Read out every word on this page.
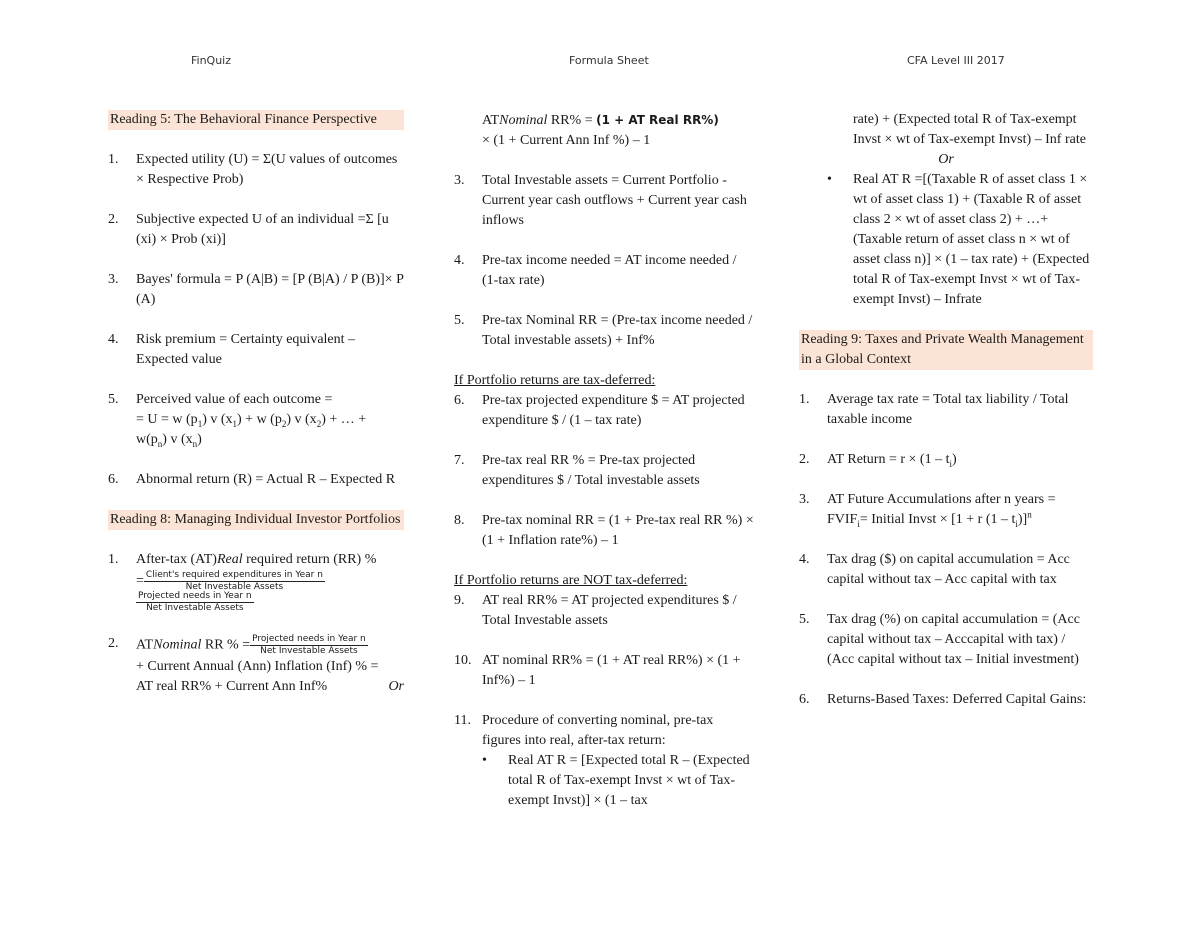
FinQuiz	Formula Sheet	CFA Level III 2017
Reading 5: The Behavioral Finance Perspective
1.	Expected utility (U) = Σ(U values of outcomes × Respective Prob)
2.	Subjective expected U of an individual =Σ [u (xi) × Prob (xi)]
3.	Bayes' formula = P (A|B) = [P (B|A) / P (B)]× P (A)
4.	Risk premium = Certainty equivalent – Expected value
5.	Perceived value of each outcome =
= U = w $(p_1)$ v $(x_1) + w$ $(p_2)$ v $(x_2)$ + … +
$w(p_n)$ v $(x_n)$
6.	Abnormal return (R) = Actual R – Expected R
Reading 8: Managing Individual Investor Portfolios
1.	After-tax (AT)Real required return (RR) %
= $\frac{\text{Client's required expenditures in Year n}}{\text{Net Investable Assets}}$

$\frac{\text{Projected needs in Year n}}{\text{Net Investable Assets}}$
2.	ATNominal RR % = $\frac{\text{Projected needs in Year n}}{\text{Net Investable Assets}}$

+ Current Annual (Ann) Inflation (Inf) % =
AT real RR% + Current Ann Inf%	Or
ATNominal RR% = (1 + AT Real RR%)
× (1 + Current Ann Inf %) – 1
3.	Total Investable assets = Current Portfolio -Current year cash outflows + Current year cash inflows
4.	Pre-tax income needed = AT income needed / (1-tax rate)
5.	Pre-tax Nominal RR = (Pre-tax income needed / Total investable assets) + Inf%
If Portfolio returns are tax-deferred:
6.	Pre-tax projected expenditure $ = AT projected expenditure $ / (1 – tax rate)
7.	Pre-tax real RR % = Pre-tax projected expenditures $ / Total investable assets
8.	Pre-tax nominal RR = (1 + Pre-tax real RR %) × (1 + Inflation rate%) – 1
If Portfolio returns are NOT tax-deferred:
9.	AT real RR% = AT projected expenditures $ / Total Investable assets
10. AT nominal RR% = (1 + AT real RR%) × (1 + Inf%) – 1
11. Procedure of converting nominal, pre-tax figures into real, after-tax return:
•	Real AT R = [Expected total R – (Expected total R of Tax-exempt Invst × wt of Tax-exempt Invst)] × (1 – tax
rate) + (Expected total R of Tax-exempt Invst × wt of Tax-exempt Invst) – Inf rate
Or
•	Real AT R =[(Taxable R of asset class 1 × wt of asset class 1) + (Taxable R of asset class 2 × wt of asset class 2) + …+ (Taxable return of asset class n × wt of asset class n)] × (1 – tax rate) + (Expected total R of Tax-exempt Invst × wt of Tax-exempt Invst) – Infrate
Reading 9: Taxes and Private Wealth Management in a Global Context
1.	Average tax rate = Total tax liability / Total taxable income
2.	AT Return = $r \times (1 - t_i)$
3.	AT Future Accumulations after n years =
$FVIF_i=$ Initial Invst × [1 + r $(1 - t_i)]^n$
4.	Tax drag ($) on capital accumulation = Acc capital without tax – Acc capital with tax
5.	Tax drag (%) on capital accumulation = (Acc capital without tax – Acccapital with tax) / (Acc capital without tax – Initial investment)
6.	Returns-Based Taxes: Deferred Capital Gains:
